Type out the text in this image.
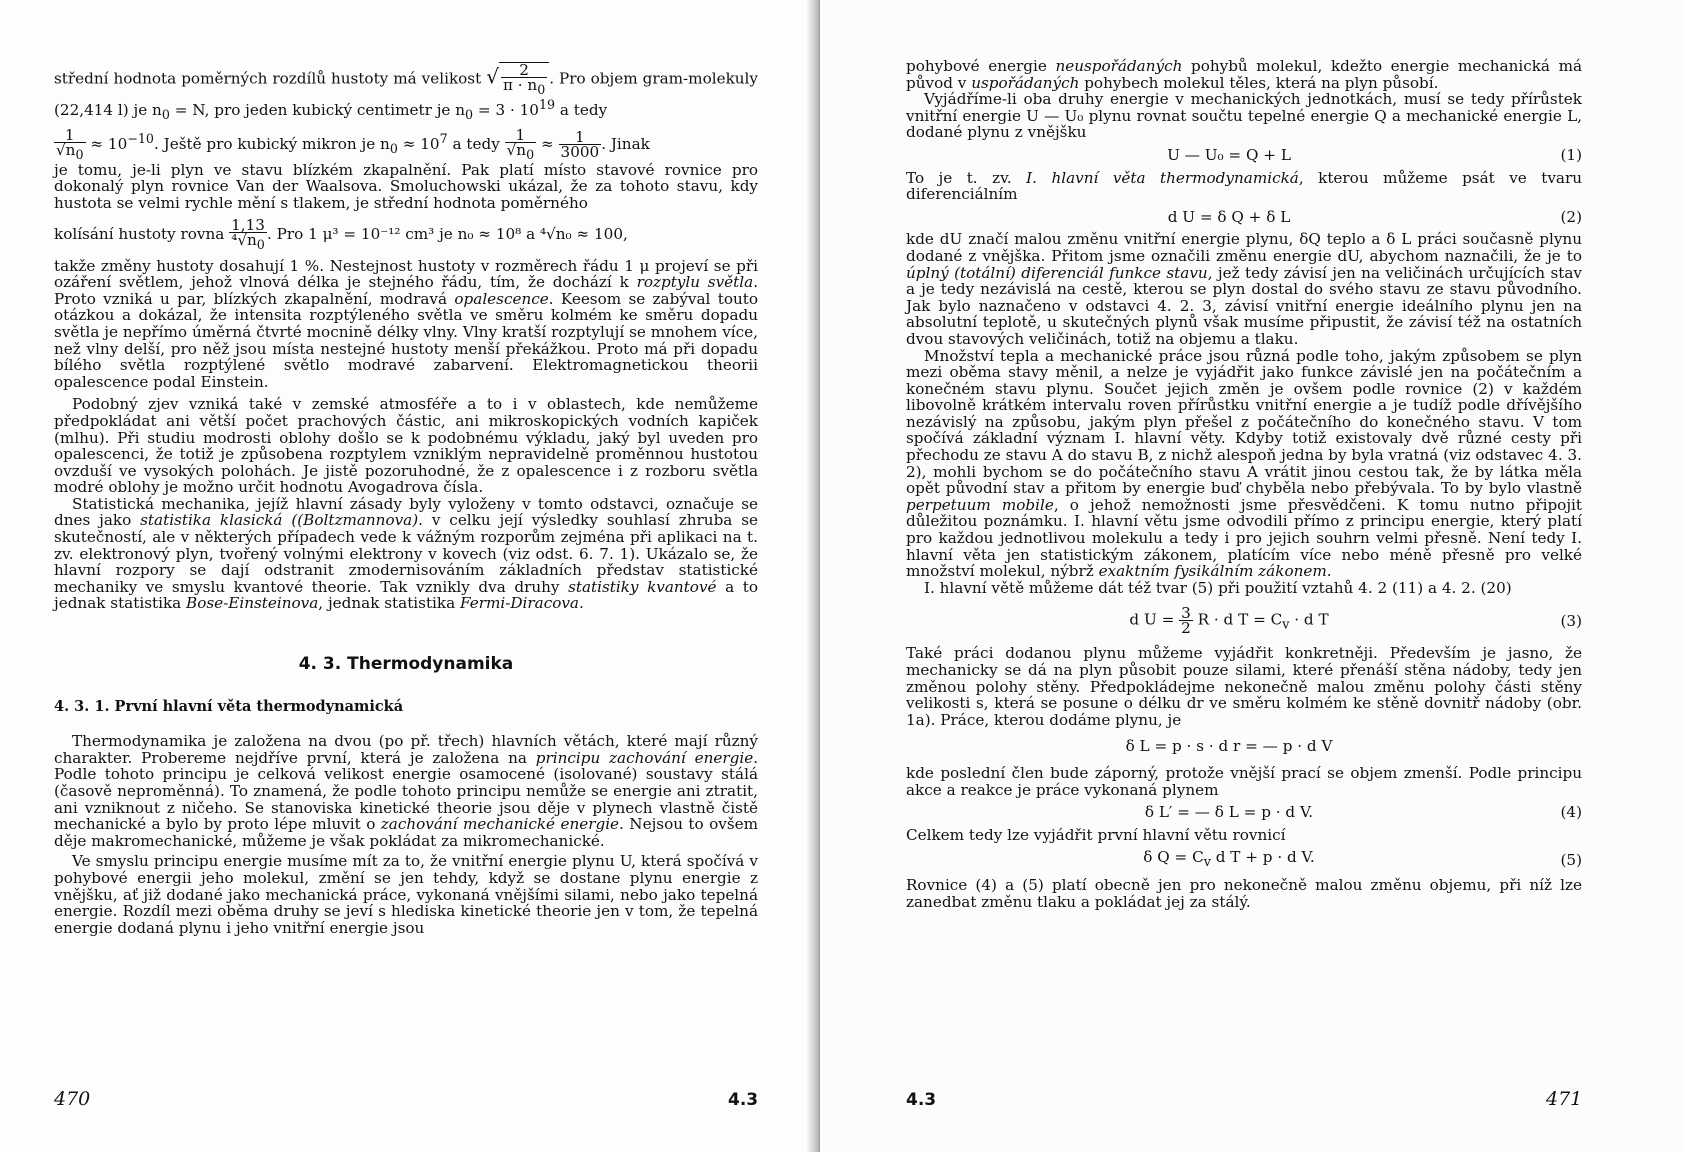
střední hodnota poměrných rozdílů hustoty má velikost √ $\frac{2}{\pi \cdot n_0}$ . Pro objem gram-molekuly (22,414 l) je $n_0 = N$, pro jeden kubický centimetr je $n_0 = 3 \cdot 10^{19}$ a tedy

$\frac{1}{√n_0} \approx 10^{-10}$. Ještě pro kubický mikron je $n_0 \approx 10^7$ a tedy $\frac{1}{√n_0} \approx \frac{1}{3000}$ . Jinak

je tomu, je-li plyn ve stavu blízkém zkapalnění. Pak platí místo stavové rovnice pro dokonalý plyn rovnice Van der Waalsova. Smoluchowski ukázal, že za tohoto stavu, kdy hustota se velmi rychle mění s tlakem, je střední hodnota poměrného

kolísání hustoty rovna $\frac{1,13}{^4√n_0}$ . Pro 1 μ³ = 10⁻¹² cm³ je n₀ ≈ 10⁸ a ⁴√n₀ ≈ 100,

takže změny hustoty dosahují 1 %. Nestejnost hustoty v rozměrech řádu 1 μ projeví se při ozáření světlem, jehož vlnová délka je stejného řádu, tím, že dochází k rozptylu světla. Proto vzniká u par, blízkých zkapalnění, modravá opalescence. Keesom se zabýval touto otázkou a dokázal, že intensita rozptýleného světla ve směru kolmém ke směru dopadu světla je nepřímo úměrná čtvrté mocnině délky vlny. Vlny kratší rozptylují se mnohem více, než vlny delší, pro něž jsou místa nestejné hustoty menší překážkou. Proto má při dopadu bílého světla rozptýlené světlo modravé zabarvení. Elektromagnetickou theorii opalescence podal Einstein.

Podobný zjev vzniká také v zemské atmosféře a to i v oblastech, kde nemůžeme předpokládat ani větší počet prachových částic, ani mikroskopických vodních kapiček (mlhu). Při studiu modrosti oblohy došlo se k podobnému výkladu, jaký byl uveden pro opalescenci, že totiž je způsobena rozptylem vzniklým nepravidelně proměnnou hustotou ovzduší ve vysokých polohách. Je jistě pozoruhodné, že z opalescence i z rozboru světla modré oblohy je možno určit hodnotu Avogadrova čísla.

Statistická mechanika, jejíž hlavní zásady byly vyloženy v tomto odstavci, označuje se dnes jako statistika klasická ((Boltzmannova). v celku její výsledky souhlasí zhruba se skutečností, ale v některých případech vede k vážným rozporům zejména při aplikaci na t. zv. elektronový plyn, tvořený volnými elektrony v kovech (viz odst. 6. 7. 1). Ukázalo se, že hlavní rozpory se dají odstranit zmodernisováním základních představ statistické mechaniky ve smyslu kvantové theorie. Tak vznikly dva druhy statistiky kvantové a to jednak statistika Bose-Einsteinova, jednak statistika Fermi-Diracova.

4. 3. Thermodynamika
4. 3. 1. První hlavní věta thermodynamická

Thermodynamika je založena na dvou (po př. třech) hlavních větách, které mají různý charakter. Probereme nejdříve první, která je založena na principu zachování energie. Podle tohoto principu je celková velikost energie osamocené (isolované) soustavy stálá (časově neproměnná). To znamená, že podle tohoto principu nemůže se energie ani ztratit, ani vzniknout z ničeho. Se stanoviska kinetické theorie jsou děje v plynech vlastně čistě mechanické a bylo by proto lépe mluvit o zachování mechanické energie. Nejsou to ovšem děje makromechanické, můžeme je však pokládat za mikromechanické.

Ve smyslu principu energie musíme mít za to, že vnitřní energie plynu U, která spočívá v pohybové energii jeho molekul, změní se jen tehdy, když se dostane plynu energie z vnějšku, ať již dodané jako mechanická práce, vykonaná vnějšími silami, nebo jako tepelná energie. Rozdíl mezi oběma druhy se jeví s hlediska kinetické theorie jen v tom, že tepelná energie dodaná plynu i jeho vnitřní energie jsou

470	4.3

pohybové energie neuspořádaných pohybů molekul, kdežto energie mechanická má původ v uspořádaných pohybech molekul těles, která na plyn působí.

Vyjádříme-li oba druhy energie v mechanických jednotkách, musí se tedy přírůstek vnitřní energie U — U₀ plynu rovnat součtu tepelné energie Q a mechanické energie L, dodané plynu z vnějšku

U — U₀ = Q + L	(1)

To je t. zv. I. hlavní věta thermodynamická, kterou můžeme psát ve tvaru diferenciálním

d U = δ Q + δ L	(2)

kde dU značí malou změnu vnitřní energie plynu, δQ teplo a δ L práci současně plynu dodané z vnějška. Přitom jsme označili změnu energie dU, abychom naznačili, že je to úplný (totální) diferenciál funkce stavu, jež tedy závisí jen na veličinách určujících stav a je tedy nezávislá na cestě, kterou se plyn dostal do svého stavu ze stavu původního. Jak bylo naznačeno v odstavci 4. 2. 3, závisí vnitřní energie ideálního plynu jen na absolutní teplotě, u skutečných plynů však musíme připustit, že závisí též na ostatních dvou stavových veličinách, totiž na objemu a tlaku.

Množství tepla a mechanické práce jsou různá podle toho, jakým způsobem se plyn mezi oběma stavy měnil, a nelze je vyjádřit jako funkce závislé jen na počátečním a konečném stavu plynu. Součet jejich změn je ovšem podle rovnice (2) v každém libovolně krátkém intervalu roven přírůstku vnitřní energie a je tudíž podle dřívějšího nezávislý na způsobu, jakým plyn přešel z počátečního do konečného stavu. V tom spočívá základní význam I. hlavní věty. Kdyby totiž existovaly dvě různé cesty při přechodu ze stavu A do stavu B, z nichž alespoň jedna by byla vratná (viz odstavec 4. 3. 2), mohli bychom se do počátečního stavu A vrátit jinou cestou tak, že by látka měla opět původní stav a přitom by energie buď chyběla nebo přebývala. To by bylo vlastně perpetuum mobile, o jehož nemožnosti jsme přesvědčeni. K tomu nutno připojit důležitou poznámku. I. hlavní větu jsme odvodili přímo z principu energie, který platí pro každou jednotlivou molekulu a tedy i pro jejich souhrn velmi přesně. Není tedy I. hlavní věta jen statistickým zákonem, platícím více nebo méně přesně pro velké množství molekul, nýbrž exaktním fysikálním zákonem.

I. hlavní větě můžeme dát též tvar (5) při použití vztahů 4. 2 (11) a 4. 2. (20)

d $U = \frac{3}{2}$ R · d $T = C_v \cdot d$ T	(3)

Také práci dodanou plynu můžeme vyjádřit konkretněji. Především je jasno, že mechanicky se dá na plyn působit pouze silami, které přenáší stěna nádoby, tedy jen změnou polohy stěny. Předpokládejme nekonečně malou změnu polohy části stěny velikosti s, která se posune o délku dr ve směru kolmém ke stěně dovnitř nádoby (obr. 1a). Práce, kterou dodáme plynu, je

δ L = p · s · d r = — p · d V

kde poslední člen bude záporný, protože vnější prací se objem zmenší. Podle principu akce a reakce je práce vykonaná plynem

δ L′ = — δ L = p · d V.	(4)

Celkem tedy lze vyjádřit první hlavní větu rovnicí

δ $Q = C_v$ d T + p · d V.	(5)

Rovnice (4) a (5) platí obecně jen pro nekonečně malou změnu objemu, při níž lze zanedbat změnu tlaku a pokládat jej za stálý.

4.3	471
